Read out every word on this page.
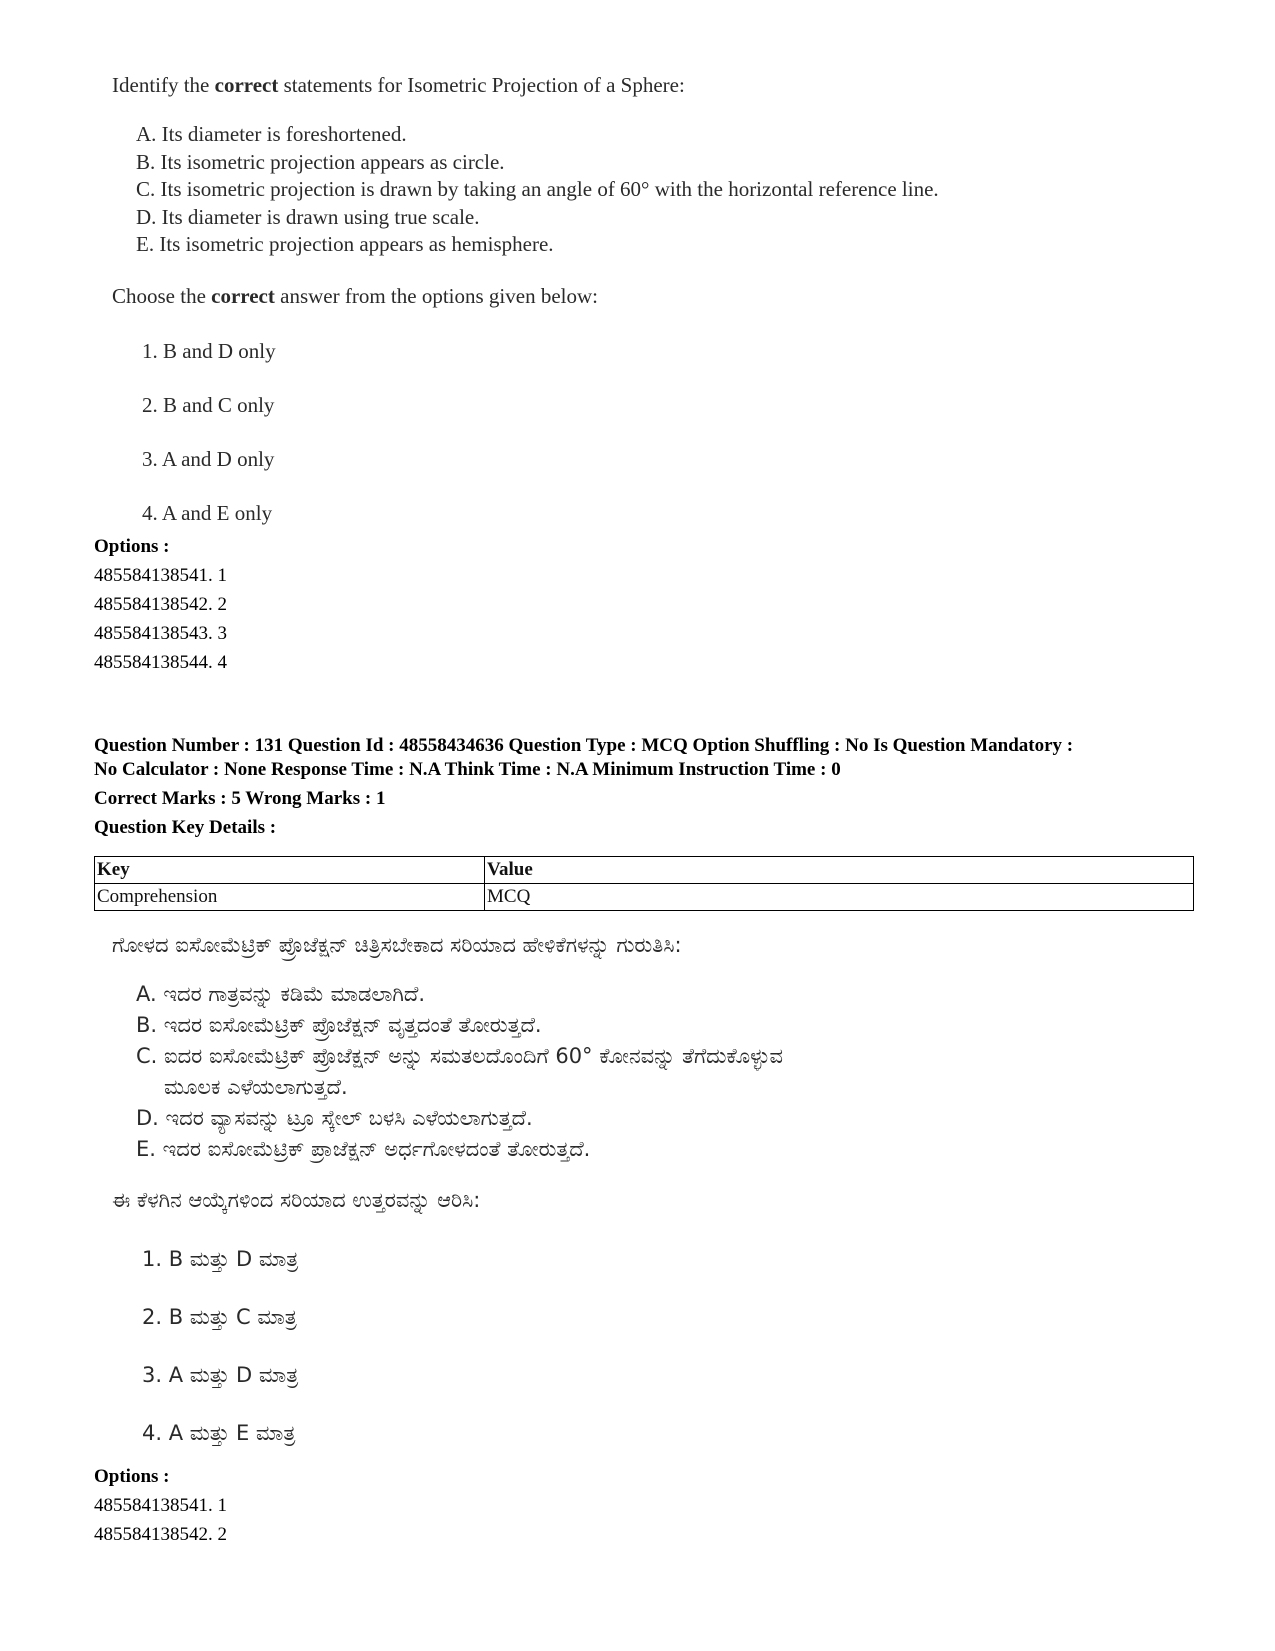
Identify the correct statements for Isometric Projection of a Sphere:

A. Its diameter is foreshortened.
B. Its isometric projection appears as circle.
C. Its isometric projection is drawn by taking an angle of 60° with the horizontal reference line.
D. Its diameter is drawn using true scale.
E. Its isometric projection appears as hemisphere.

Choose the correct answer from the options given below:

1. B and D only
2. B and C only
3. A and D only
4. A and E only
Options :
485584138541. 1
485584138542. 2
485584138543. 3
485584138544. 4

Question Number : 131 Question Id : 48558434636 Question Type : MCQ Option Shuffling : No Is Question Mandatory :

No Calculator : None Response Time : N.A Think Time : N.A Minimum Instruction Time : 0

Correct Marks : 5 Wrong Marks : 1

Question Key Details :

Key	Value
Comprehension	MCQ

ಗೋಳದ ಐಸೋಮೆಟ್ರಿಕ್ ಪ್ರೊಜೆಕ್ಷನ್ ಚಿತ್ರಿಸಬೇಕಾದ ಸರಿಯಾದ ಹೇಳಿಕೆಗಳನ್ನು ಗುರುತಿಸಿ:

A. ಇದರ ಗಾತ್ರವನ್ನು ಕಡಿಮೆ ಮಾಡಲಾಗಿದೆ.
B. ಇದರ ಐಸೋಮೆಟ್ರಿಕ್ ಪ್ರೊಜೆಕ್ಷನ್ ವೃತ್ತದಂತೆ ತೋರುತ್ತದೆ.
C. ಐದರ ಐಸೋಮೆಟ್ರಿಕ್ ಪ್ರೊಜೆಕ್ಷನ್ ಅನ್ನು ಸಮತಲದೊಂದಿಗೆ 60° ಕೋನವನ್ನು ತೆಗೆದುಕೊಳ್ಳುವ
ಮೂಲಕ ಎಳೆಯಲಾಗುತ್ತದೆ.
D. ಇದರ ವ್ಯಾಸವನ್ನು ಟ್ರೂ ಸ್ಕೇಲ್ ಬಳಸಿ ಎಳೆಯಲಾಗುತ್ತದೆ.
E. ಇದರ ಐಸೋಮೆಟ್ರಿಕ್ ಪ್ರಾಜೆಕ್ಷನ್ ಅರ್ಧಗೋಳದಂತೆ ತೋರುತ್ತದೆ.

ಈ ಕೆಳಗಿನ ಆಯ್ಕೆಗಳಿಂದ ಸರಿಯಾದ ಉತ್ತರವನ್ನು ಆರಿಸಿ:

1. B ಮತ್ತು D ಮಾತ್ರ
2. B ಮತ್ತು C ಮಾತ್ರ
3. A ಮತ್ತು D ಮಾತ್ರ
4. A ಮತ್ತು E ಮಾತ್ರ
Options :
485584138541. 1
485584138542. 2
